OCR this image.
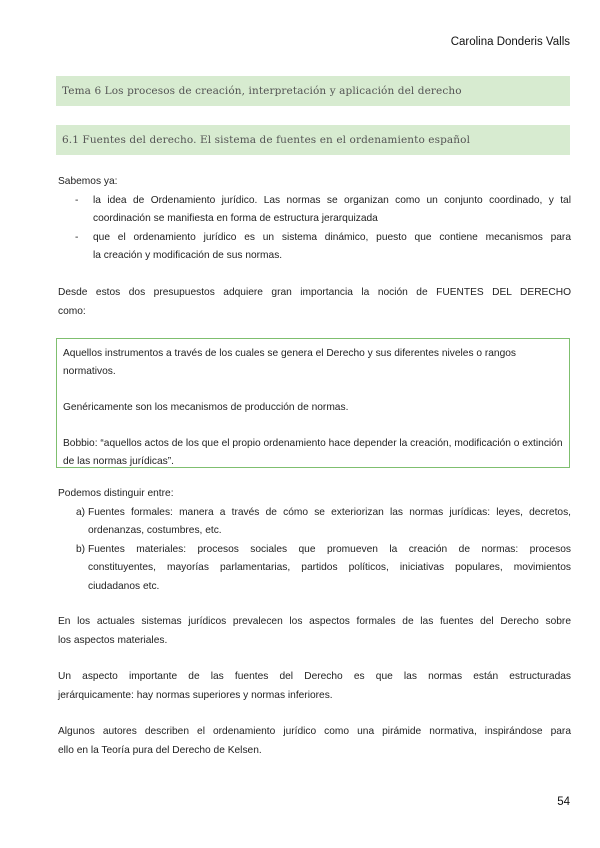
Carolina Donderis Valls
Tema 6 Los procesos de creación, interpretación y aplicación del derecho
6.1 Fuentes del derecho. El sistema de fuentes en el ordenamiento español
Sabemos ya:
- la idea de Ordenamiento jurídico. Las normas se organizan como un conjunto coordinado, y tal
coordinación se manifiesta en forma de estructura jerarquizada
- que el ordenamiento jurídico es un sistema dinámico, puesto que contiene mecanismos para
la creación y modificación de sus normas.
Desde estos dos presupuestos adquiere gran importancia la noción de FUENTES DEL DERECHO
como:

Aquellos instrumentos a través de los cuales se genera el Derecho y sus diferentes niveles o rangos normativos.

Genéricamente son los mecanismos de producción de normas.

Bobbio: “aquellos actos de los que el propio ordenamiento hace depender la creación, modificación o extinción de las normas jurídicas”.

Podemos distinguir entre:
a) Fuentes formales: manera a través de cómo se exteriorizan las normas jurídicas: leyes, decretos,
ordenanzas, costumbres, etc.
b) Fuentes materiales: procesos sociales que promueven la creación de normas: procesos
constituyentes, mayorías parlamentarias, partidos políticos, iniciativas populares, movimientos
ciudadanos etc.
En los actuales sistemas jurídicos prevalecen los aspectos formales de las fuentes del Derecho sobre
los aspectos materiales.
Un aspecto importante de las fuentes del Derecho es que las normas están estructuradas
jerárquicamente: hay normas superiores y normas inferiores.
Algunos autores describen el ordenamiento jurídico como una pirámide normativa, inspirándose para
ello en la Teoría pura del Derecho de Kelsen.
54
